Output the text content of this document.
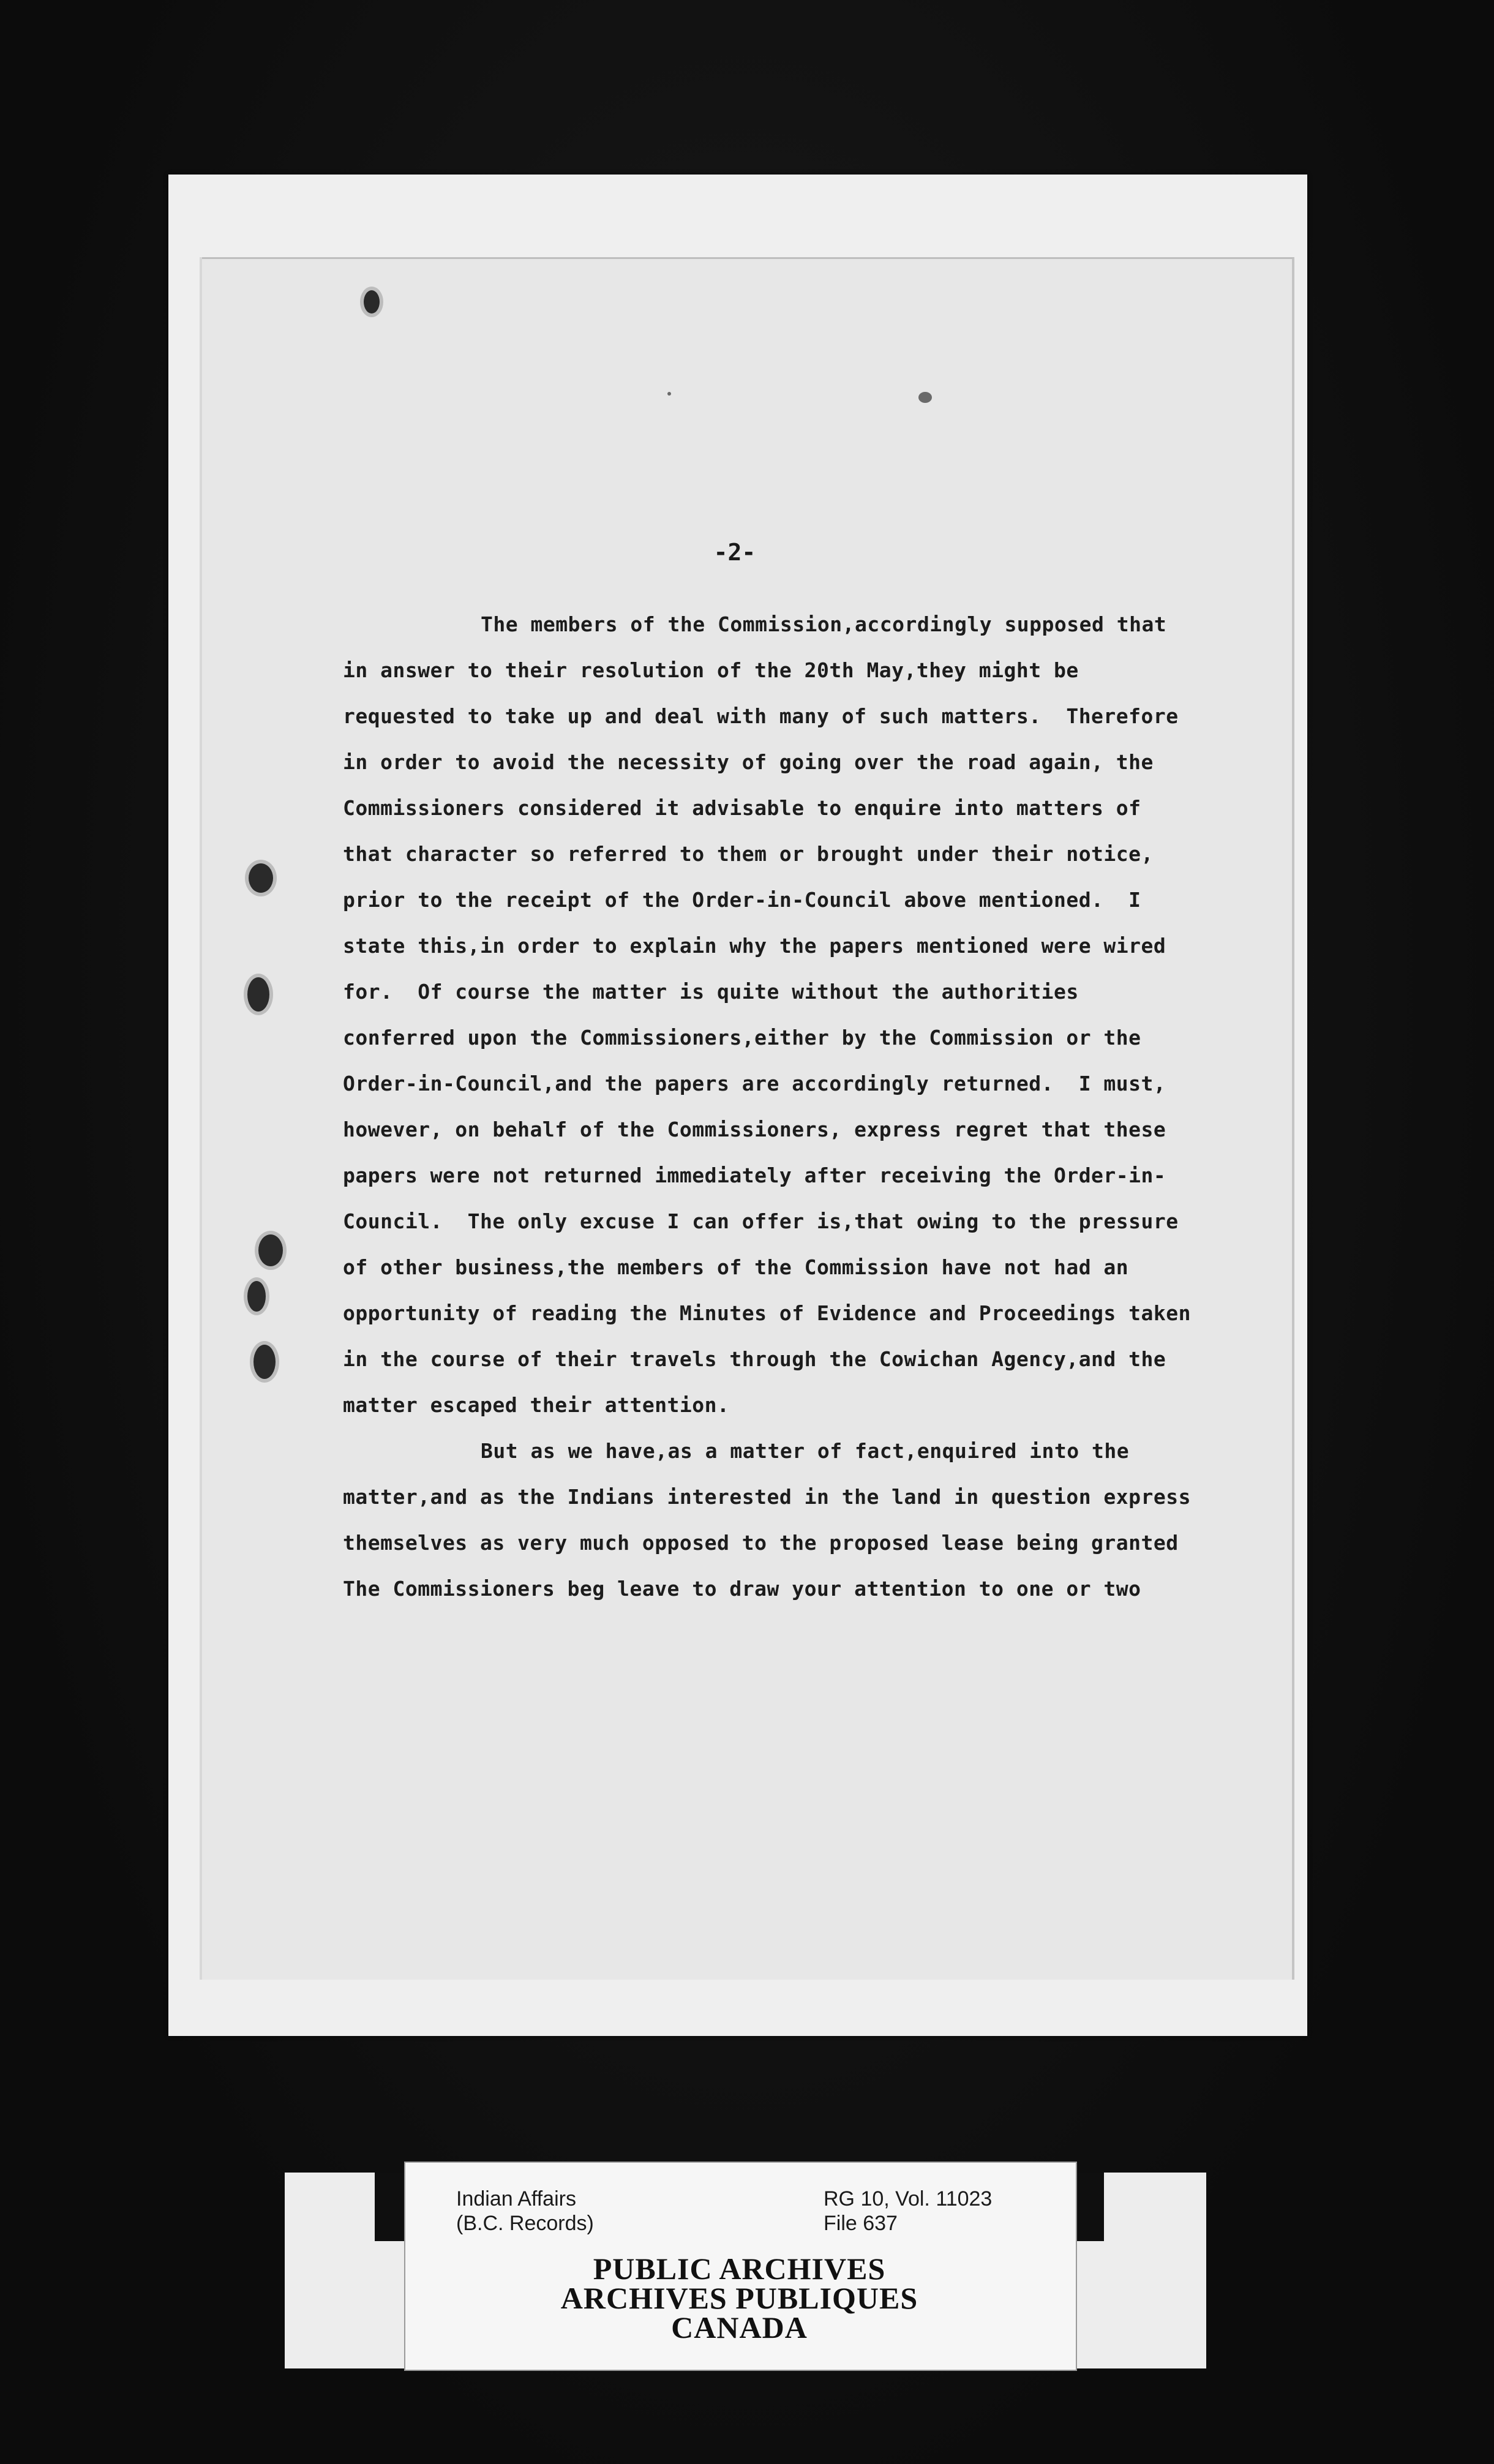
-2-
The members of the Commission,accordingly supposed that
in answer to their resolution of the 20th May,they might be
requested to take up and deal with many of such matters.  Therefore
in order to avoid the necessity of going over the road again, the
Commissioners considered it advisable to enquire into matters of
that character so referred to them or brought under their notice,
prior to the receipt of the Order-in-Council above mentioned.  I
state this,in order to explain why the papers mentioned were wired
for.  Of course the matter is quite without the authorities
conferred upon the Commissioners,either by the Commission or the
Order-in-Council,and the papers are accordingly returned.  I must,
however, on behalf of the Commissioners, express regret that these
papers were not returned immediately after receiving the Order-in-
Council.  The only excuse I can offer is,that owing to the pressure
of other business,the members of the Commission have not had an
opportunity of reading the Minutes of Evidence and Proceedings taken
in the course of their travels through the Cowichan Agency,and the
matter escaped their attention.
But as we have,as a matter of fact,enquired into the
matter,and as the Indians interested in the land in question express
themselves as very much opposed to the proposed lease being granted
The Commissioners beg leave to draw your attention to one or two
Indian Affairs
(B.C. Records)
RG 10, Vol. 11023
File 637
PUBLIC ARCHIVES
ARCHIVES PUBLIQUES
CANADA
